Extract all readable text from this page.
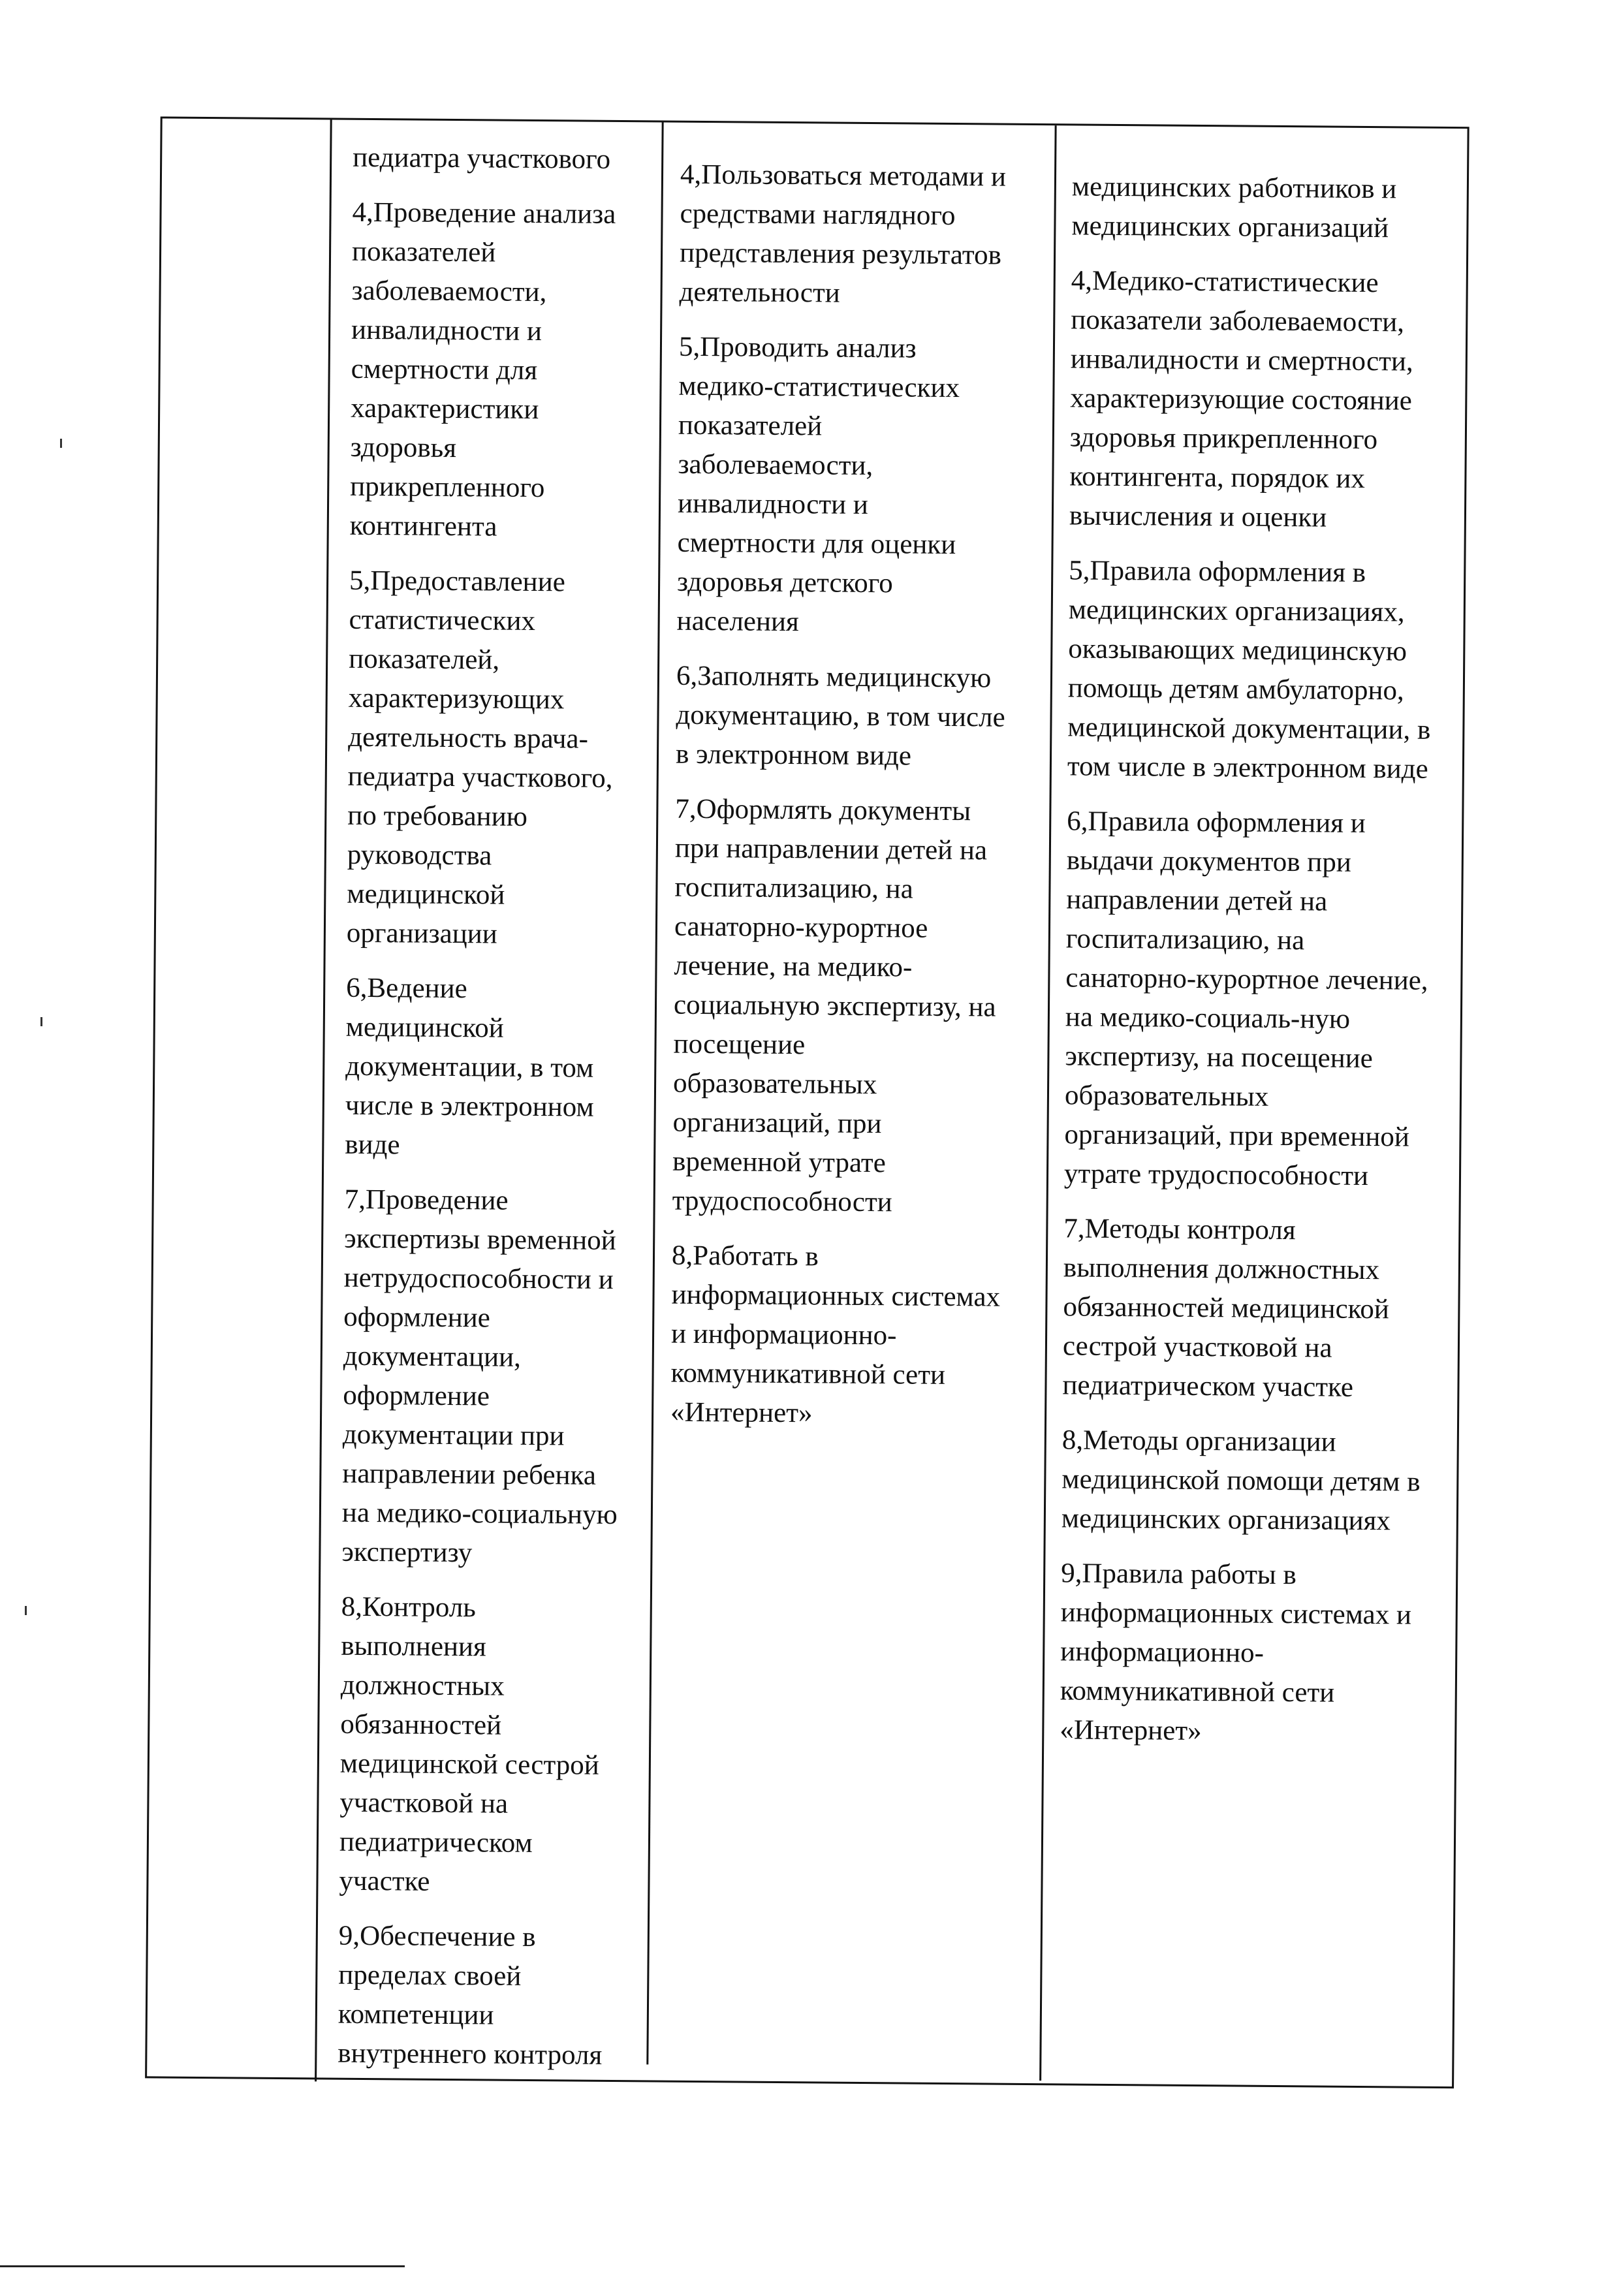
педиатра участкового

4,Проведение анализа
показателей
заболеваемости,
инвалидности и
смертности для
характеристики
здоровья
прикрепленного
контингента

5,Предоставление
статистических
показателей,
характеризующих
деятельность врача-
педиатра участкового,
по требованию
руководства
медицинской
организации

6,Ведение
медицинской
документации, в том
числе в электронном
виде

7,Проведение
экспертизы временной
нетрудоспособности и
оформление
документации,
оформление
документации при
направлении ребенка
на медико-социальную
экспертизу

8,Контроль
выполнения
должностных
обязанностей
медицинской сестрой
участковой на
педиатрическом
участке

9,Обеспечение в
пределах своей
компетенции
внутреннего контроля

4,Пользоваться методами и
средствами наглядного
представления результатов
деятельности

5,Проводить анализ
медико-статистических
показателей
заболеваемости,
инвалидности и
смертности для оценки
здоровья детского
населения

6,Заполнять медицинскую
документацию, в том числе
в электронном виде

7,Оформлять документы
при направлении детей на
госпитализацию, на
санаторно-курортное
лечение, на медико-
социальную экспертизу, на
посещение
образовательных
организаций, при
временной утрате
трудоспособности

8,Работать в
информационных системах
и информационно-
коммуникативной сети
«Интернет»

медицинских работников и
медицинских организаций

4,Медико-статистические
показатели заболеваемости,
инвалидности и смертности,
характеризующие состояние
здоровья прикрепленного
контингента, порядок их
вычисления и оценки

5,Правила оформления в
медицинских организациях,
оказывающих медицинскую
помощь детям амбулаторно,
медицинской документации, в
том числе в электронном виде

6,Правила оформления и
выдачи документов при
направлении детей на
госпитализацию, на
санаторно-курортное лечение,
на медико-социаль-ную
экспертизу, на посещение
образовательных
организаций, при временной
утрате трудоспособности

7,Методы контроля
выполнения должностных
обязанностей медицинской
сестрой участковой на
педиатрическом участке

8,Методы организации
медицинской помощи детям в
медицинских организациях

9,Правила работы в
информационных системах и
информационно-
коммуникативной сети
«Интернет»
